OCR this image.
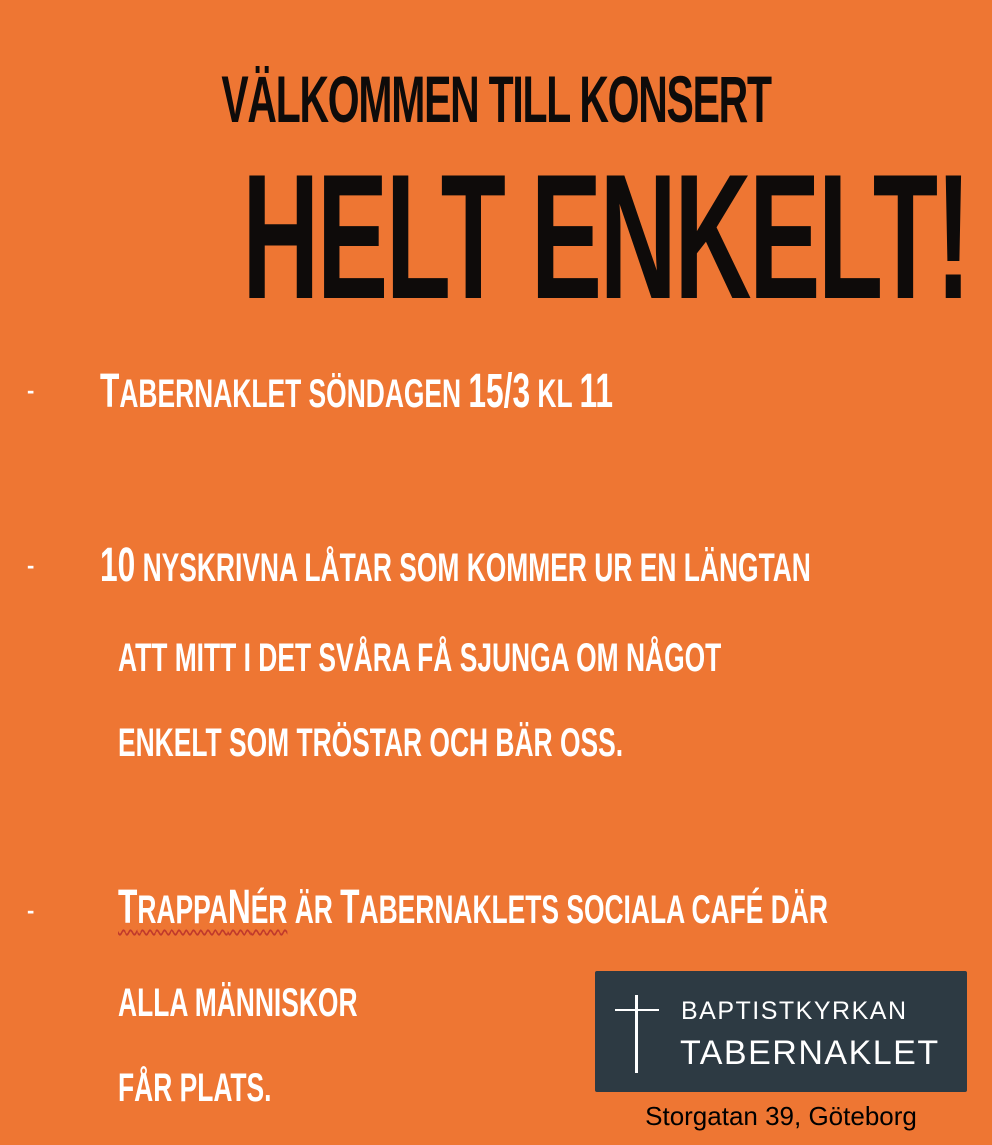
VÄLKOMMEN TILL KONSERT
HELT ENKELT!
- TABERNAKLET SÖNDAGEN 15/3 KL 11
- 10 NYSKRIVNA LÅTAR SOM KOMMER UR EN LÄNGTAN
ATT MITT I DET SVÅRA FÅ SJUNGA OM NÅGOT
ENKELT SOM TRÖSTAR OCH BÄR OSS.
- TRAPPANÉR ÄR TABERNAKLETS SOCIALA CAFÉ DÄR
ALLA MÄNNISKOR
FÅR PLATS.
BAPTISTKYRKAN
TABERNAKLET
Storgatan 39, Göteborg
